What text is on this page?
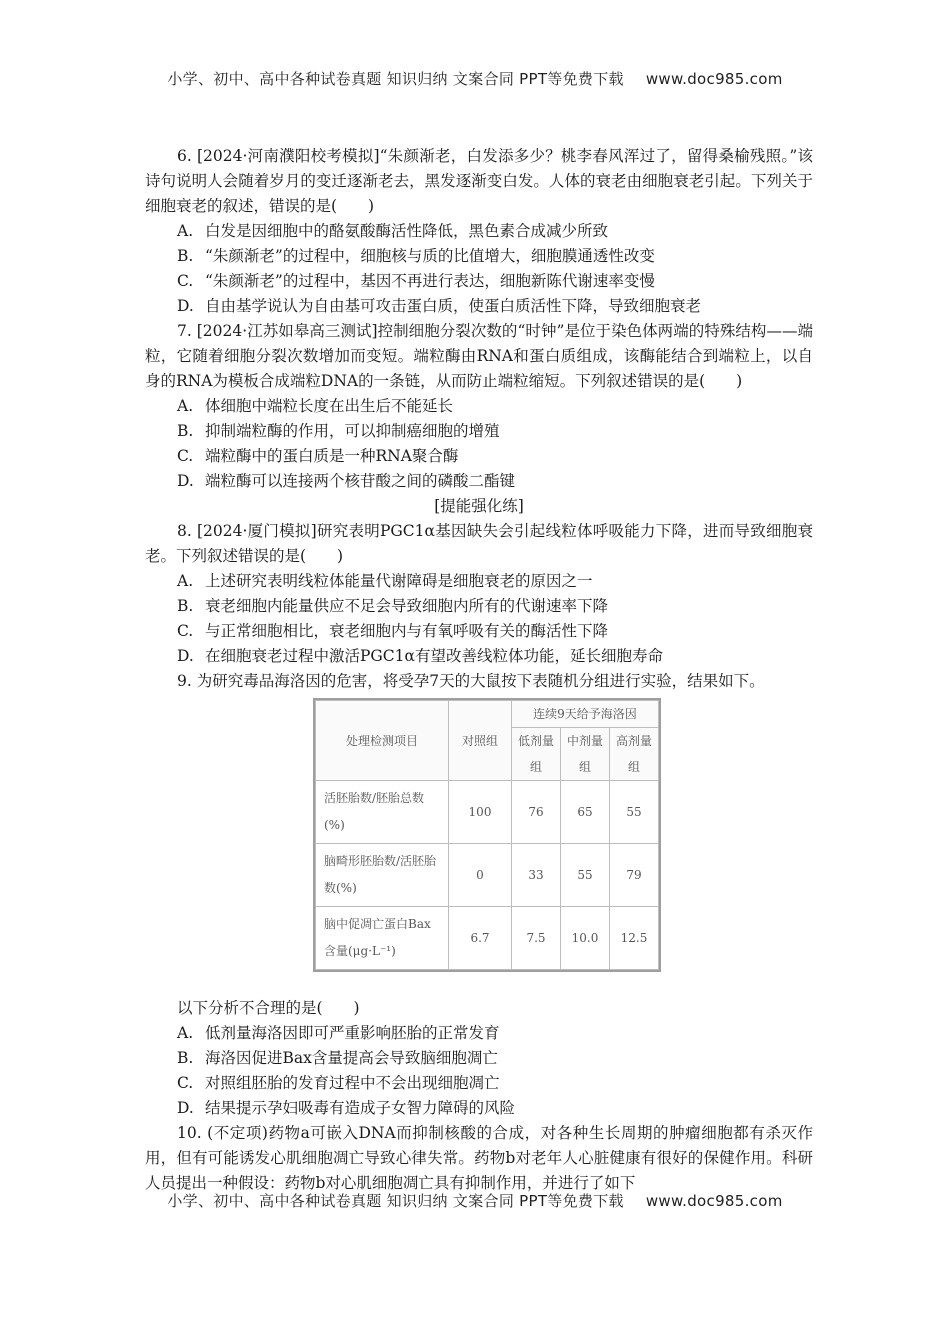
小学、初中、高中各种试卷真题 知识归纳 文案合同 PPT等免费下载 www.doc985.com

6. [2024·河南濮阳校考模拟]“朱颜渐老，白发添多少？桃李春风浑过了，留得桑榆残照。”该诗句说明人会随着岁月的变迁逐渐老去，黑发逐渐变白发。人体的衰老由细胞衰老引起。下列关于细胞衰老的叙述，错误的是(　　)

A. 白发是因细胞中的酪氨酸酶活性降低，黑色素合成减少所致

B. “朱颜渐老”的过程中，细胞核与质的比值增大，细胞膜通透性改变

C. “朱颜渐老”的过程中，基因不再进行表达，细胞新陈代谢速率变慢

D. 自由基学说认为自由基可攻击蛋白质，使蛋白质活性下降，导致细胞衰老

7. [2024·江苏如皋高三测试]控制细胞分裂次数的“时钟”是位于染色体两端的特殊结构——端粒，它随着细胞分裂次数增加而变短。端粒酶由RNA和蛋白质组成，该酶能结合到端粒上，以自身的RNA为模板合成端粒DNA的一条链，从而防止端粒缩短。下列叙述错误的是(　　)

A. 体细胞中端粒长度在出生后不能延长

B. 抑制端粒酶的作用，可以抑制癌细胞的增殖

C. 端粒酶中的蛋白质是一种RNA聚合酶

D. 端粒酶可以连接两个核苷酸之间的磷酸二酯键

[提能强化练]

8. [2024·厦门模拟]研究表明PGC1α基因缺失会引起线粒体呼吸能力下降，进而导致细胞衰老。下列叙述错误的是(　　)

A. 上述研究表明线粒体能量代谢障碍是细胞衰老的原因之一

B. 衰老细胞内能量供应不足会导致细胞内所有的代谢速率下降

C. 与正常细胞相比，衰老细胞内与有氧呼吸有关的酶活性下降

D. 在细胞衰老过程中激活PGC1α有望改善线粒体功能，延长细胞寿命

9. 为研究毒品海洛因的危害，将受孕7天的大鼠按下表随机分组进行实验，结果如下。

处理检测项目	对照组	连续9天给予海洛因		
		低剂量组	中剂量组	高剂量组
活胚胎数/胚胎总数(%)	100	76	65	55
脑畸形胚胎数/活胚胎数(%)	0	33	55	79
脑中促凋亡蛋白Bax含量(μg·L⁻¹)	6.7	7.5	10.0	12.5

以下分析不合理的是(　　)

A. 低剂量海洛因即可严重影响胚胎的正常发育

B. 海洛因促进Bax含量提高会导致脑细胞凋亡

C. 对照组胚胎的发育过程中不会出现细胞凋亡

D. 结果提示孕妇吸毒有造成子女智力障碍的风险

10. (不定项)药物a可嵌入DNA而抑制核酸的合成，对各种生长周期的肿瘤细胞都有杀灭作用，但有可能诱发心肌细胞凋亡导致心律失常。药物b对老年人心脏健康有很好的保健作用。科研人员提出一种假设：药物b对心肌细胞凋亡具有抑制作用，并进行了如下

小学、初中、高中各种试卷真题 知识归纳 文案合同 PPT等免费下载 www.doc985.com
